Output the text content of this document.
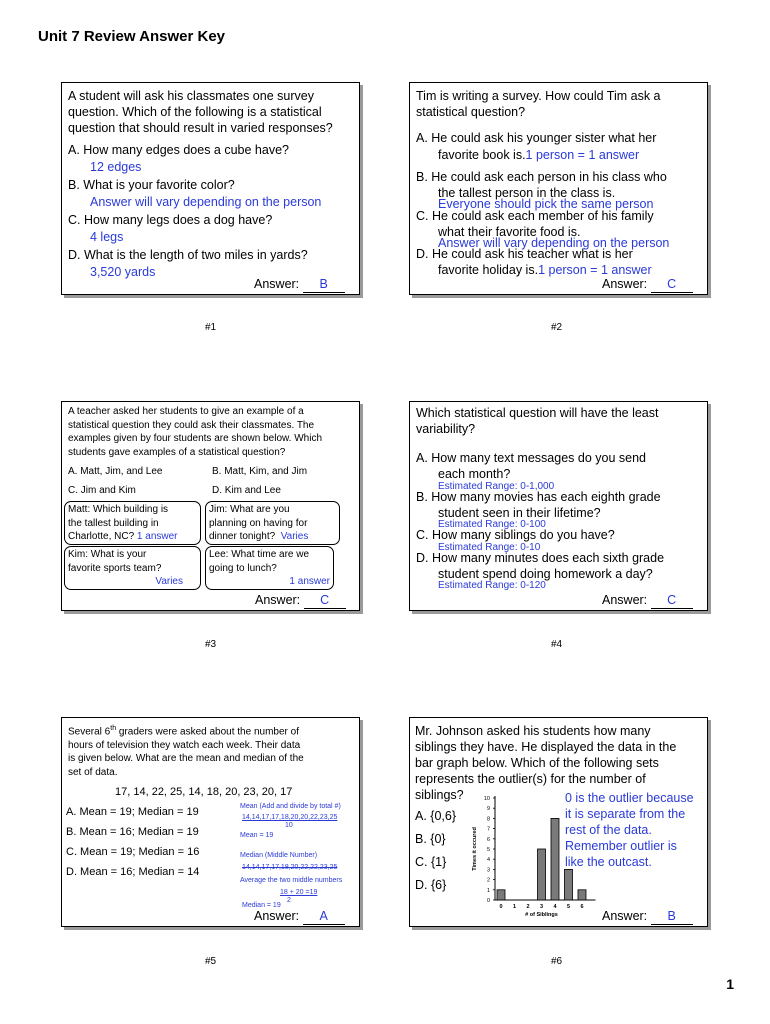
Unit 7 Review Answer Key
A student will ask his classmates one survey
question. Which of the following is a statistical
question that should result in varied responses?
A. How many edges does a cube have?
12 edges
B. What is your favorite color?
Answer will vary depending on the person
C. How many legs does a dog have?
4 legs
D. What is the length of two miles in yards?
3,520 yards
Answer: B
#1
Tim is writing a survey. How could Tim ask a
statistical question?
A. He could ask his younger sister what her
favorite book is.1 person = 1 answer
B. He could ask each person in his class who
the tallest person in the class is.
Everyone should pick the same person
C. He could ask each member of his family
what their favorite food is.
Answer will vary depending on the person
D. He could ask his teacher what is her
favorite holiday is.1 person = 1 answer
Answer: C
#2
A teacher asked her students to give an example of a
statistical question they could ask their classmates. The
examples given by four students are shown below. Which
students gave examples of a statistical question?
A. Matt, Jim, and Lee	B. Matt, Kim, and Jim
C. Jim and Kim	D. Kim and Lee
Matt: Which building is
the tallest building in
Charlotte, NC? 1 answer
Jim: What are you
planning on having for
dinner tonight? Varies
Kim: What is your
favorite sports team?
Varies
Lee: What time are we
going to lunch?
1 answer
Answer: C
#3
Which statistical question will have the least
variability?
A. How many text messages do you send
each month?
Estimated Range: 0-1,000
B. How many movies has each eighth grade
student seen in their lifetime?
Estimated Range: 0-100
C. How many siblings do you have?
Estimated Range: 0-10
D. How many minutes does each sixth grade
student spend doing homework a day?
Estimated Range: 0-120
Answer: C
#4
Several 6th graders were asked about the number of
hours of television they watch each week. Their data
is given below. What are the mean and median of the
set of data.
17, 14, 22, 25, 14, 18, 20, 23, 20, 17
A. Mean = 19; Median = 19
B. Mean = 16; Median = 19
C. Mean = 19; Median = 16
D. Mean = 16; Median = 14
Mean (Add and divide by total #)
14,14,17,17,18,20,20,22,23,25
10
Mean = 19
Median (Middle Number)
14,14,17,17,18,20,22,22,23,25
Average the two middle numbers
18 + 20 =19
2
Median = 19
Answer: A
#5
Mr. Johnson asked his students how many
siblings they have. He displayed the data in the
bar graph below. Which of the following sets
represents the outlier(s) for the number of
siblings?
A. {0,6}
B. {0}
C. {1}
D. {6}
0
1
2
3
4
5
6
7
8
9
10
0 1 2 3 4 5 6
# of Siblings
Times it occured
0 is the outlier because
it is separate from the
rest of the data.
Remember outlier is
like the outcast.
Answer: B
#6
1
